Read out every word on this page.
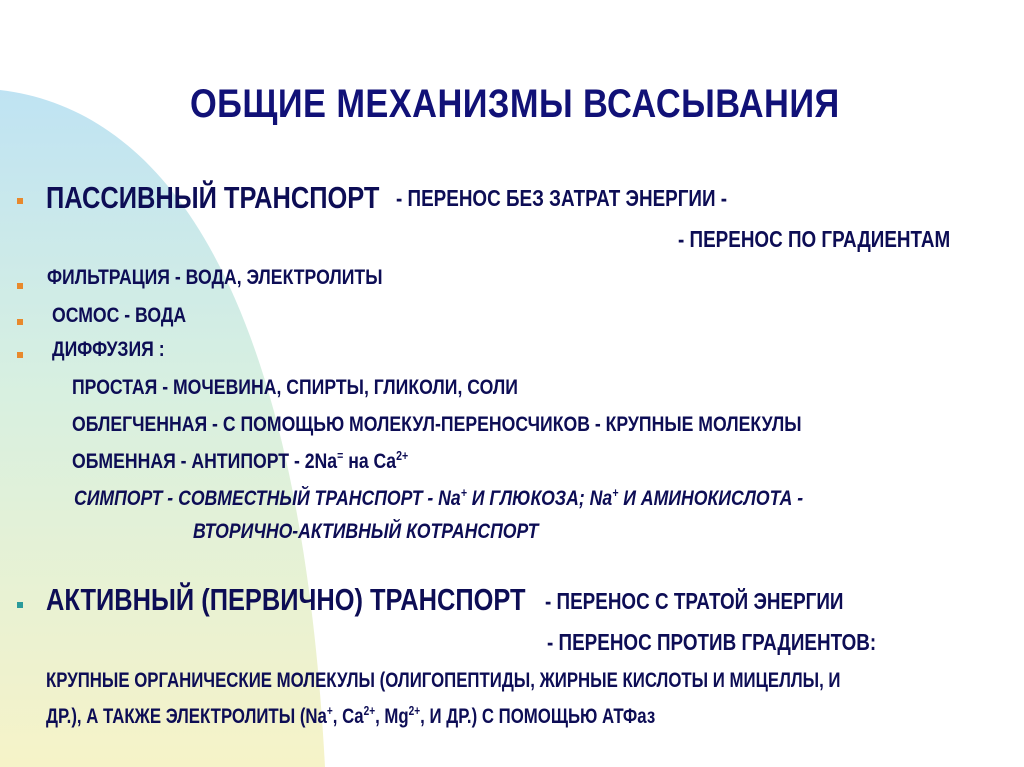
ОБЩИЕ МЕХАНИЗМЫ ВСАСЫВАНИЯ
ПАССИВНЫЙ ТРАНСПОРТ - ПЕРЕНОС БЕЗ ЗАТРАТ ЭНЕРГИИ -
- ПЕРЕНОС ПО ГРАДИЕНТАМ
ФИЛЬТРАЦИЯ - ВОДА, ЭЛЕКТРОЛИТЫ
ОСМОС - ВОДА
ДИФФУЗИЯ :
ПРОСТАЯ - МОЧЕВИНА, СПИРТЫ, ГЛИКОЛИ, СОЛИ
ОБЛЕГЧЕННАЯ - С ПОМОЩЬЮ МОЛЕКУЛ-ПЕРЕНОСЧИКОВ - КРУПНЫЕ МОЛЕКУЛЫ
ОБМЕННАЯ - АНТИПОРТ - 2Na= на $Ca^{2+}$
СИМПОРТ - СОВМЕСТНЫЙ ТРАНСПОРТ - Na+ И ГЛЮКОЗА; Na+ И АМИНОКИСЛОТА -
ВТОРИЧНО-АКТИВНЫЙ КОТРАНСПОРТ
АКТИВНЫЙ (ПЕРВИЧНО) ТРАНСПОРТ - ПЕРЕНОС С ТРАТОЙ ЭНЕРГИИ
- ПЕРЕНОС ПРОТИВ ГРАДИЕНТОВ:
КРУПНЫЕ ОРГАНИЧЕСКИЕ МОЛЕКУЛЫ (ОЛИГОПЕПТИДЫ, ЖИРНЫЕ КИСЛОТЫ И МИЦЕЛЛЫ, И
ДР.), А ТАКЖЕ ЭЛЕКТРОЛИТЫ (Na+, $Ca^{2+}$, $Mg^{2+}$, И ДР.) С ПОМОЩЬЮ АТФаз
